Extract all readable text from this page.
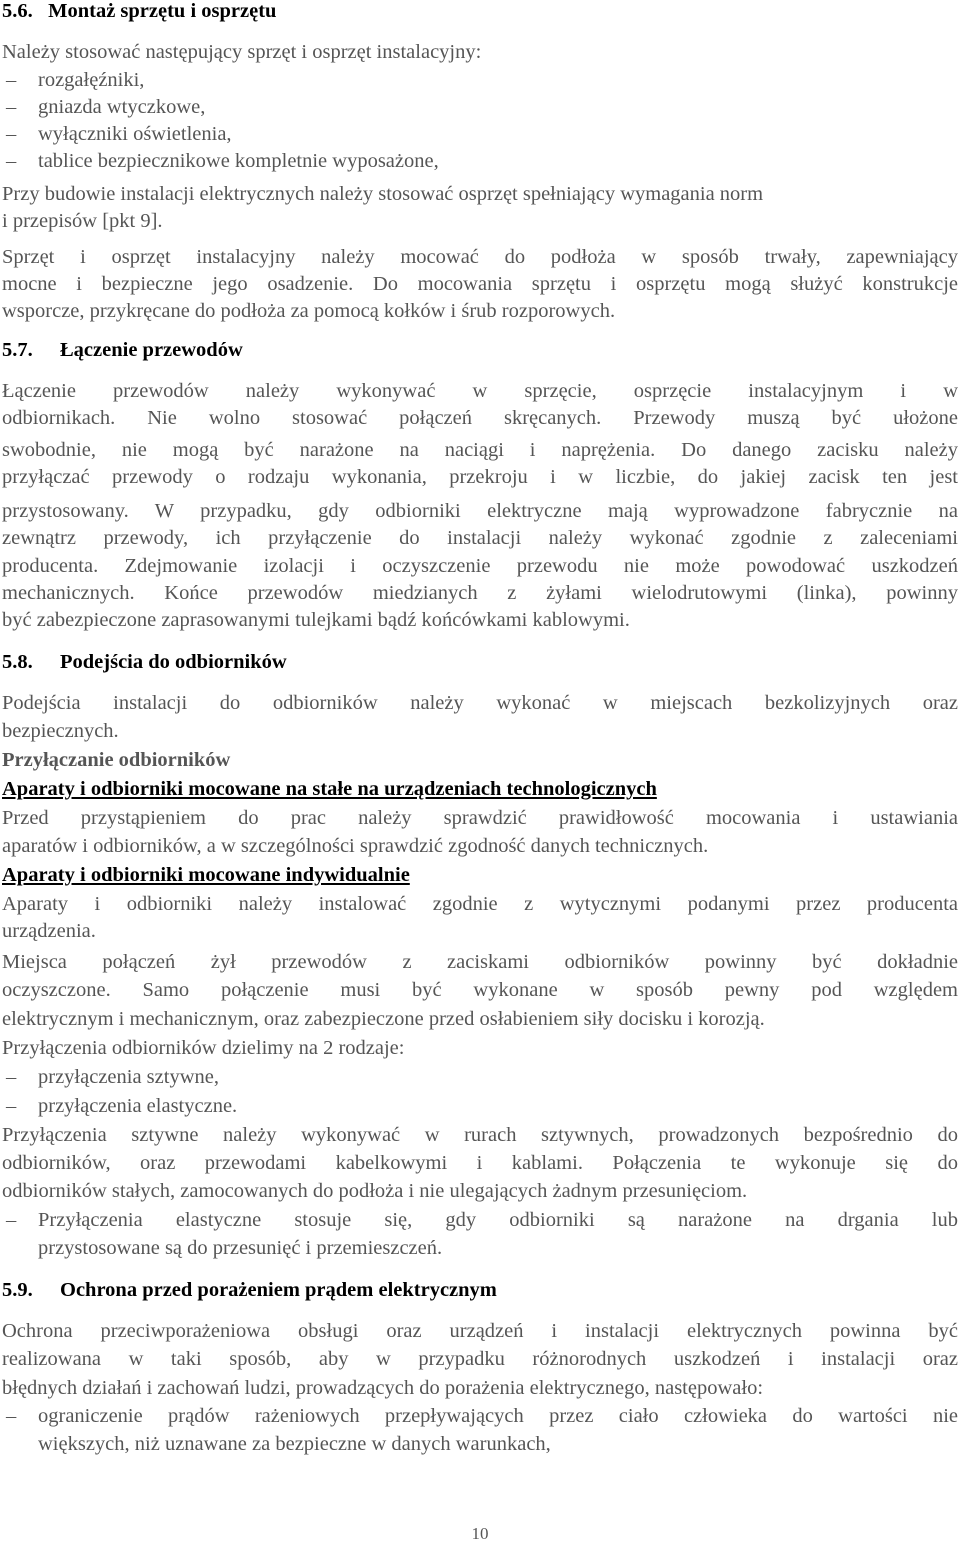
5.6.   Montaż sprzętu i osprzętu
Należy stosować następujący sprzęt i osprzęt instalacyjny:
– rozgałęźniki,
– gniazda wtyczkowe,
– wyłączniki oświetlenia,
– tablice bezpiecznikowe kompletnie wyposażone,
Przy budowie instalacji elektrycznych należy stosować osprzęt spełniający wymagania norm
i przepisów [pkt 9].
Sprzęt i osprzęt instalacyjny należy mocować do podłoża w sposób trwały, zapewniający
mocne i bezpieczne jego osadzenie. Do mocowania sprzętu i osprzętu mogą służyć konstrukcje
wsporcze, przykręcane do podłoża za pomocą kołków i śrub rozporowych.
5.7. Łączenie przewodów
Łączenie przewodów należy wykonywać w sprzęcie, osprzęcie instalacyjnym i w
odbiornikach. Nie wolno stosować połączeń skręcanych. Przewody muszą być ułożone
swobodnie, nie mogą być narażone na naciągi i naprężenia. Do danego zacisku należy
przyłączać przewody o rodzaju wykonania, przekroju i w liczbie, do jakiej zacisk ten jest
przystosowany. W przypadku, gdy odbiorniki elektryczne mają wyprowadzone fabrycznie na
zewnątrz przewody, ich przyłączenie do instalacji należy wykonać zgodnie z zaleceniami
producenta. Zdejmowanie izolacji i oczyszczenie przewodu nie może powodować uszkodzeń
mechanicznych. Końce przewodów miedzianych z żyłami wielodrutowymi (linka), powinny
być zabezpieczone zaprasowanymi tulejkami bądź końcówkami kablowymi.
5.8. Podejścia do odbiorników
Podejścia instalacji do odbiorników należy wykonać w miejscach bezkolizyjnych oraz
bezpiecznych.
Przyłączanie odbiorników
Aparaty i odbiorniki mocowane na stałe na urządzeniach technologicznych
Przed przystąpieniem do prac należy sprawdzić prawidłowość mocowania i ustawiania
aparatów i odbiorników, a w szczególności sprawdzić zgodność danych technicznych.
Aparaty i odbiorniki mocowane indywidualnie
Aparaty i odbiorniki należy instalować zgodnie z wytycznymi podanymi przez producenta
urządzenia.
Miejsca połączeń żył przewodów z zaciskami odbiorników powinny być dokładnie
oczyszczone. Samo połączenie musi być wykonane w sposób pewny pod względem
elektrycznym i mechanicznym, oraz zabezpieczone przed osłabieniem siły docisku i korozją.
Przyłączenia odbiorników dzielimy na 2 rodzaje:
– przyłączenia sztywne,
– przyłączenia elastyczne.
Przyłączenia sztywne należy wykonywać w rurach sztywnych, prowadzonych bezpośrednio do
odbiorników, oraz przewodami kabelkowymi i kablami. Połączenia te wykonuje się do
odbiorników stałych, zamocowanych do podłoża i nie ulegających żadnym przesunięciom.
– Przyłączenia elastyczne stosuje się, gdy odbiorniki są narażone na drgania lub
przystosowane są do przesunięć i przemieszczeń.
5.9. Ochrona przed porażeniem prądem elektrycznym
Ochrona przeciwporażeniowa obsługi oraz urządzeń i instalacji elektrycznych powinna być
realizowana w taki sposób, aby w przypadku różnorodnych uszkodzeń i instalacji oraz
błędnych działań i zachowań ludzi, prowadzących do porażenia elektrycznego, następowało:
– ograniczenie prądów rażeniowych przepływających przez ciało człowieka do wartości nie
większych, niż uznawane za bezpieczne w danych warunkach,
10
